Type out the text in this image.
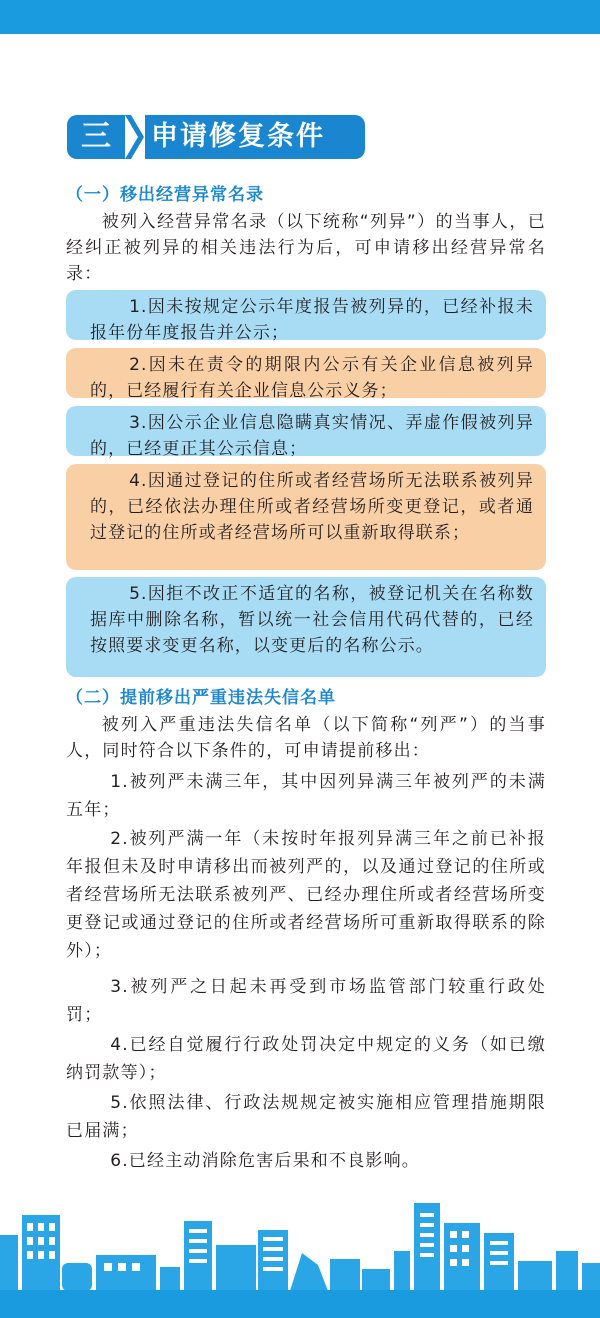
三	申请修复条件
（一）移出经营异常名录
被列入经营异常名录（以下统称“列异”）的当事人，已经纠正被列异的相关违法行为后，可申请移出经营异常名录：
1.因未按规定公示年度报告被列异的，已经补报未报年份年度报告并公示；
2.因未在责令的期限内公示有关企业信息被列异的，已经履行有关企业信息公示义务；
3.因公示企业信息隐瞒真实情况、弄虚作假被列异的，已经更正其公示信息；
4.因通过登记的住所或者经营场所无法联系被列异的，已经依法办理住所或者经营场所变更登记，或者通过登记的住所或者经营场所可以重新取得联系；
5.因拒不改正不适宜的名称，被登记机关在名称数据库中删除名称，暂以统一社会信用代码代替的，已经按照要求变更名称，以变更后的名称公示。
（二）提前移出严重违法失信名单
被列入严重违法失信名单（以下简称“列严”）的当事人，同时符合以下条件的，可申请提前移出：
1.被列严未满三年，其中因列异满三年被列严的未满五年；
2.被列严满一年（未按时年报列异满三年之前已补报年报但未及时申请移出而被列严的，以及通过登记的住所或者经营场所无法联系被列严、已经办理住所或者经营场所变更登记或通过登记的住所或者经营场所可重新取得联系的除外）；
3.被列严之日起未再受到市场监管部门较重行政处罚；
4.已经自觉履行行政处罚决定中规定的义务（如已缴纳罚款等）；
5.依照法律、行政法规规定被实施相应管理措施期限已届满；
6.已经主动消除危害后果和不良影响。
